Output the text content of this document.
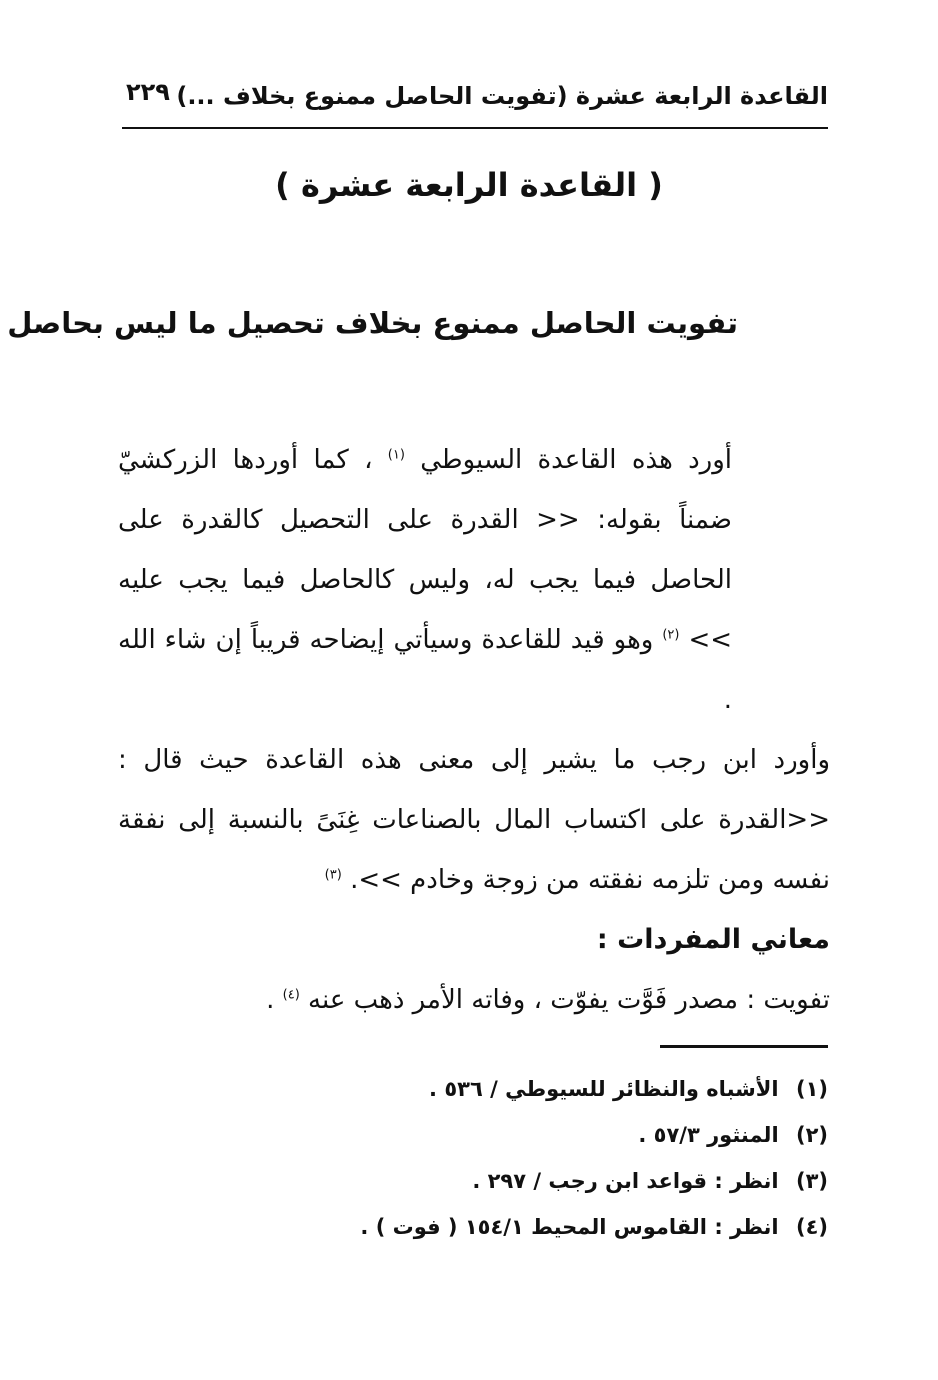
القاعدة الرابعة عشرة (تفويت الحاصل ممنوع بخلاف ...)
٢٢٩
( القاعدة الرابعة عشرة )
تفويت الحاصل ممنوع بخلاف تحصيل ما ليس بحاصل

أورد هذه القاعدة السيوطي $^{(١)}$ ، كما أوردها الزركشيّ ضمناً بقوله: << القدرة على التحصيل كالقدرة على الحاصل فيما يجب له، وليس كالحاصل فيما يجب عليه >> $^{(٢)}$ وهو قيد للقاعدة وسيأتي إيضاحه قريباً إن شاء الله .

وأورد ابن رجب ما يشير إلى معنى هذه القاعدة حيث قال : <<القدرة على اكتساب المال بالصناعات غِنَىً بالنسبة إلى نفقة نفسه ومن تلزمه نفقته من زوجة وخادم >>. $^{(٣)}$

معاني المفردات :

تفويت : مصدر فَوَّت يفوّت ، وفاته الأمر ذهب عنه $^{(٤)}$ .

(١) الأشباه والنظائر للسيوطي / ٥٣٦ .
(٢) المنثور ٥٧/٣ .
(٣) انظر : قواعد ابن رجب / ٢٩٧ .
(٤) انظر : القاموس المحيط ١٥٤/١ ( فوت ) .
